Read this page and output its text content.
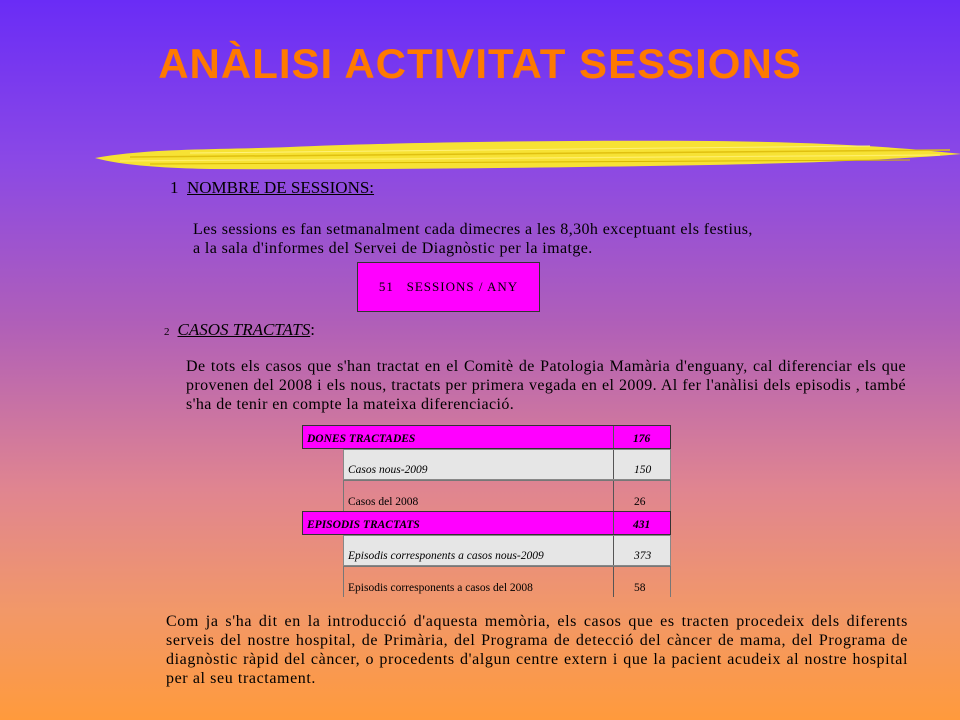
ANÀLISI ACTIVITAT SESSIONS
1 NOMBRE DE SESSIONS:
Les sessions es fan setmanalment cada dimecres a les 8,30h exceptuant els festius,
a la sala d'informes del Servei de Diagnòstic per la imatge.
51   SESSIONS / ANY
2 CASOS TRACTATS:
De tots els casos que s'han tractat en el Comitè de Patologia Mamària d'enguany, cal diferenciar els que provenen del 2008 i els nous, tractats per primera vegada en el 2009. Al fer l'anàlisi dels episodis , també s'ha de tenir en compte la mateixa diferenciació.
DONES TRACTADES	176
Casos nous-2009	150
Casos del 2008	26
EPISODIS TRACTATS	431
Episodis corresponents a casos nous-2009	373
Episodis corresponents a casos del 2008	58
Com ja s'ha dit en la introducció d'aquesta memòria, els casos que es tracten procedeix dels diferents serveis del nostre hospital, de Primària, del Programa de detecció del càncer de mama, del Programa de diagnòstic ràpid del càncer, o procedents d'algun centre extern i que la pacient acudeix al nostre hospital per al seu tractament.
